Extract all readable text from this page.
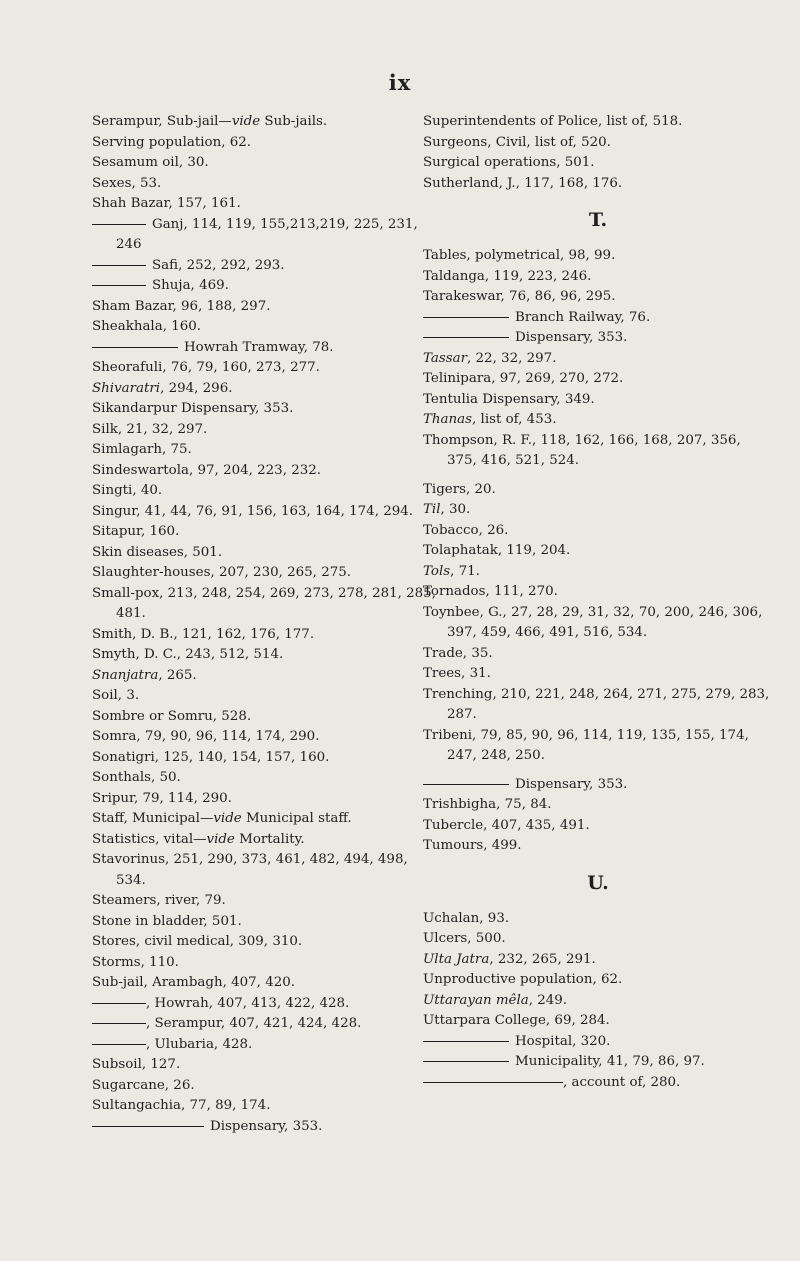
ix
Serampur, Sub-jail—vide Sub-jails.
Serving population, 62.
Sesamum oil, 30.
Sexes, 53.
Shah Bazar, 157, 161.
Ganj, 114, 119, 155,213,219, 225, 231, 246
Safi, 252, 292, 293.
Shuja, 469.
Sham Bazar, 96, 188, 297.
Sheakhala, 160.
Howrah Tramway, 78.
Sheorafuli, 76, 79, 160, 273, 277.
Shivaratri, 294, 296.
Sikandarpur Dispensary, 353.
Silk, 21, 32, 297.
Simlagarh, 75.
Sindeswartola, 97, 204, 223, 232.
Singti, 40.
Singur, 41, 44, 76, 91, 156, 163, 164, 174, 294.
Sitapur, 160.
Skin diseases, 501.
Slaughter-houses, 207, 230, 265, 275.
Small-pox, 213, 248, 254, 269, 273, 278, 281, 285, 481.
Smith, D. B., 121, 162, 176, 177.
Smyth, D. C., 243, 512, 514.
Snanjatra, 265.
Soil, 3.
Sombre or Somru, 528.
Somra, 79, 90, 96, 114, 174, 290.
Sonatigri, 125, 140, 154, 157, 160.
Sonthals, 50.
Sripur, 79, 114, 290.
Staff, Municipal—vide Municipal staff.
Statistics, vital—vide Mortality.
Stavorinus, 251, 290, 373, 461, 482, 494, 498, 534.
Steamers, river, 79.
Stone in bladder, 501.
Stores, civil medical, 309, 310.
Storms, 110.
Sub-jail, Arambagh, 407, 420.
, Howrah, 407, 413, 422, 428.
, Serampur, 407, 421, 424, 428.
, Ulubaria, 428.
Subsoil, 127.
Sugarcane, 26.
Sultangachia, 77, 89, 174.
Dispensary, 353.
Superintendents of Police, list of, 518.
Surgeons, Civil, list of, 520.
Surgical operations, 501.
Sutherland, J., 117, 168, 176.
T.
Tables, polymetrical, 98, 99.
Taldanga, 119, 223, 246.
Tarakeswar, 76, 86, 96, 295.
Branch Railway, 76.
Dispensary, 353.
Tassar, 22, 32, 297.
Telinipara, 97, 269, 270, 272.
Tentulia Dispensary, 349.
Thanas, list of, 453.
Thompson, R. F., 118, 162, 166, 168, 207, 356, 375, 416, 521, 524.
Tigers, 20.
Til, 30.
Tobacco, 26.
Tolaphatak, 119, 204.
Tols, 71.
Tornados, 111, 270.
Toynbee, G., 27, 28, 29, 31, 32, 70, 200, 246, 306, 397, 459, 466, 491, 516, 534.
Trade, 35.
Trees, 31.
Trenching, 210, 221, 248, 264, 271, 275, 279, 283, 287.
Tribeni, 79, 85, 90, 96, 114, 119, 135, 155, 174, 247, 248, 250.
Dispensary, 353.
Trishbigha, 75, 84.
Tubercle, 407, 435, 491.
Tumours, 499.
U.
Uchalan, 93.
Ulcers, 500.
Ulta Jatra, 232, 265, 291.
Unproductive population, 62.
Uttarayan mêla, 249.
Uttarpara College, 69, 284.
Hospital, 320.
Municipality, 41, 79, 86, 97.
, account of, 280.
